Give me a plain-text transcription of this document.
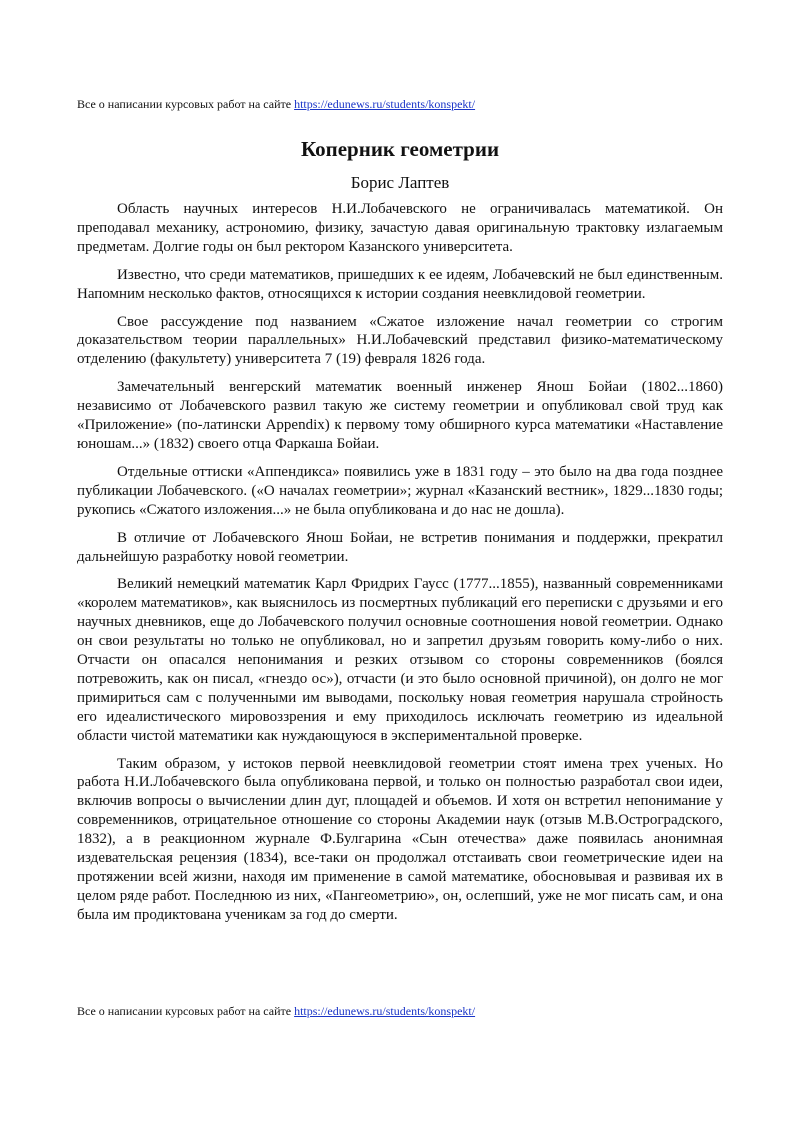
Все о написании курсовых работ на сайте https://edunews.ru/students/konspekt/
Коперник геометрии
Борис Лаптев

Область научных интересов Н.И.Лобачевского не ограничивалась математикой. Он преподавал механику, астрономию, физику, зачастую давая оригинальную трактовку излагаемым предметам. Долгие годы он был ректором Казанского университета.

Известно, что среди математиков, пришедших к ее идеям, Лобачевский не был единственным. Напомним несколько фактов, относящихся к истории создания неевклидовой геометрии.

Свое рассуждение под названием «Сжатое изложение начал геометрии со строгим доказательством теории параллельных» Н.И.Лобачевский представил физико-математическому отделению (факультету) университета 7 (19) февраля 1826 года.

Замечательный венгерский математик военный инженер Янош Бойаи (1802...1860) независимо от Лобачевского развил такую же систему геометрии и опубликовал свой труд как «Приложение» (по-латински Appendix) к первому тому обширного курса математики «Наставление юношам...» (1832) своего отца Фаркаша Бойаи.

Отдельные оттиски «Аппендикса» появились уже в 1831 году – это было на два года позднее публикации Лобачевского. («О началах геометрии»; журнал «Казанский вестник», 1829...1830 годы; рукопись «Сжатого изложения...» не была опубликована и до нас не дошла).

В отличие от Лобачевского Янош Бойаи, не встретив понимания и поддержки, прекратил дальнейшую разработку новой геометрии.

Великий немецкий математик Карл Фридрих Гаусс (1777...1855), названный современниками «королем математиков», как выяснилось из посмертных публикаций его переписки с друзьями и его научных дневников, еще до Лобачевского получил основные соотношения новой геометрии. Однако он свои результаты но только не опубликовал, но и запретил друзьям говорить кому-либо о них. Отчасти он опасался непонимания и резких отзывом со стороны современников (боялся потревожить, как он писал, «гнездо ос»), отчасти (и это было основной причиной), он долго не мог примириться сам с полученными им выводами, поскольку новая геометрия нарушала стройность его идеалистического мировоззрения и ему приходилось исключать геометрию из идеальной области чистой математики как нуждающуюся в экспериментальной проверке.

Таким образом, у истоков первой неевклидовой геометрии стоят имена трех ученых. Но работа Н.И.Лобачевского была опубликована первой, и только он полностью разработал свои идеи, включив вопросы о вычислении длин дуг, площадей и объемов. И хотя он встретил непонимание у современников, отрицательное отношение со стороны Академии наук (отзыв М.В.Остроградского, 1832), а в реакционном журнале Ф.Булгарина «Сын отечества» даже появилась анонимная издевательская рецензия (1834), все-таки он продолжал отстаивать свои геометрические идеи на протяжении всей жизни, находя им применение в самой математике, обосновывая и развивая их в целом ряде работ. Последнюю из них, «Пангеометрию», он, ослепший, уже не мог писать сам, и она была им продиктована ученикам за год до смерти.

Все о написании курсовых работ на сайте https://edunews.ru/students/konspekt/
